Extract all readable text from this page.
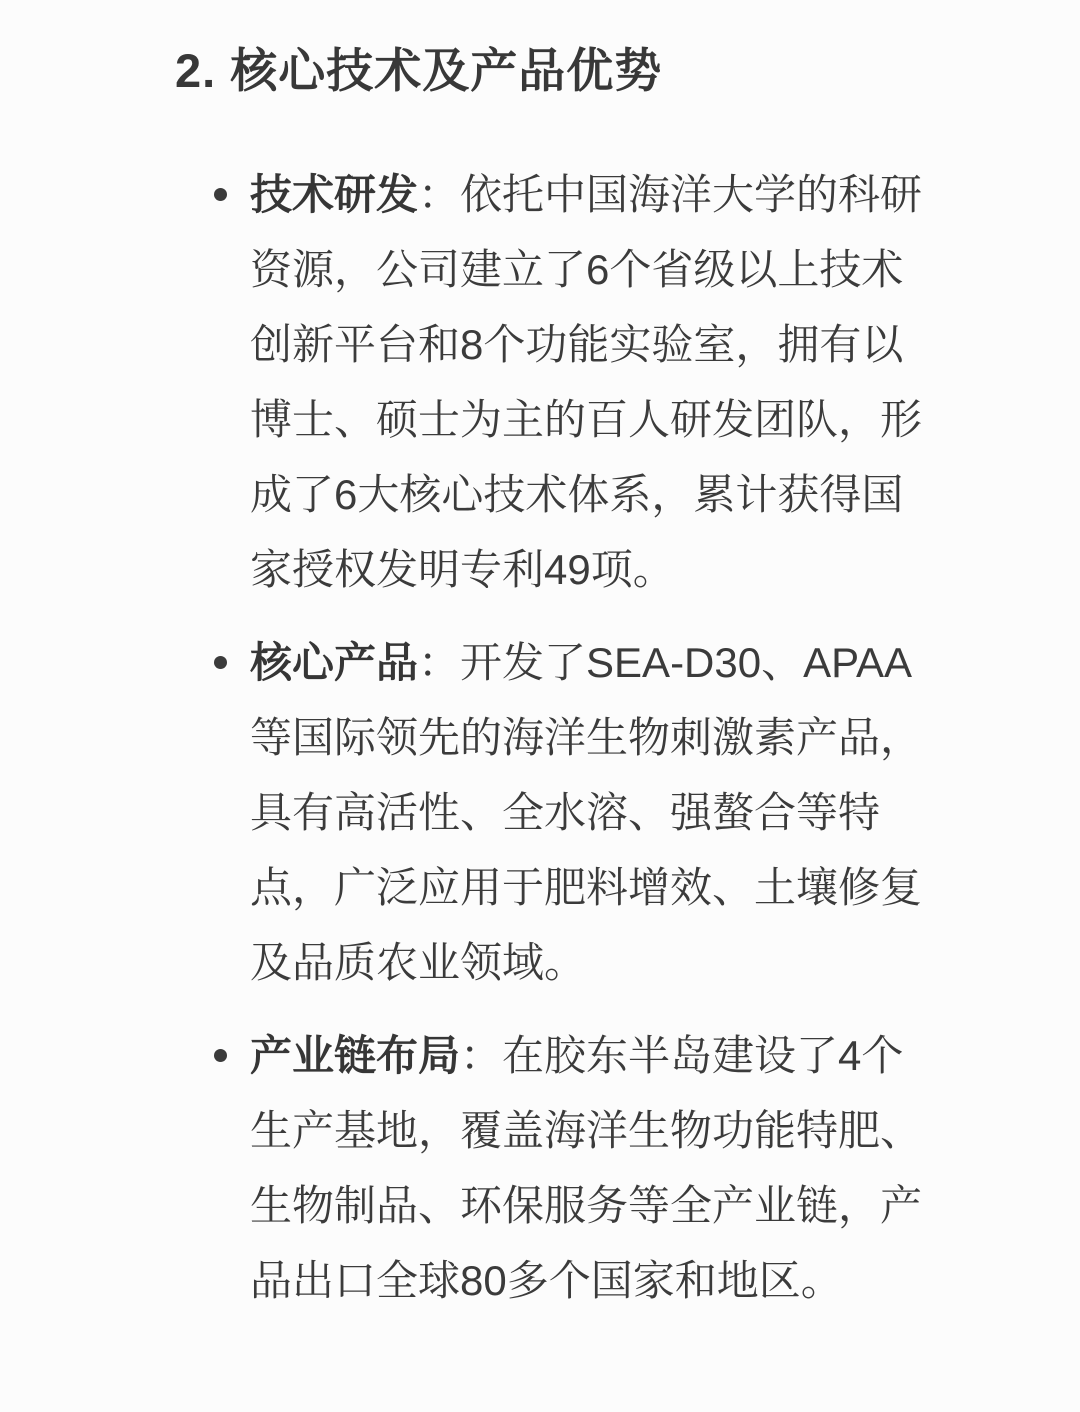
2. 核心技术及产品优势

技术研发：依托中国海洋大学的科研资源，公司建立了6个省级以上技术创新平台和8个功能实验室，拥有以博士、硕士为主的百人研发团队，形成了6大核心技术体系，累计获得国家授权发明专利49项。

核心产品：开发了SEA-D30、APAA等国际领先的海洋生物刺激素产品，具有高活性、全水溶、强螯合等特点，广泛应用于肥料增效、土壤修复及品质农业领域。

产业链布局：在胶东半岛建设了4个生产基地，覆盖海洋生物功能特肥、生物制品、环保服务等全产业链，产品出口全球80多个国家和地区。
